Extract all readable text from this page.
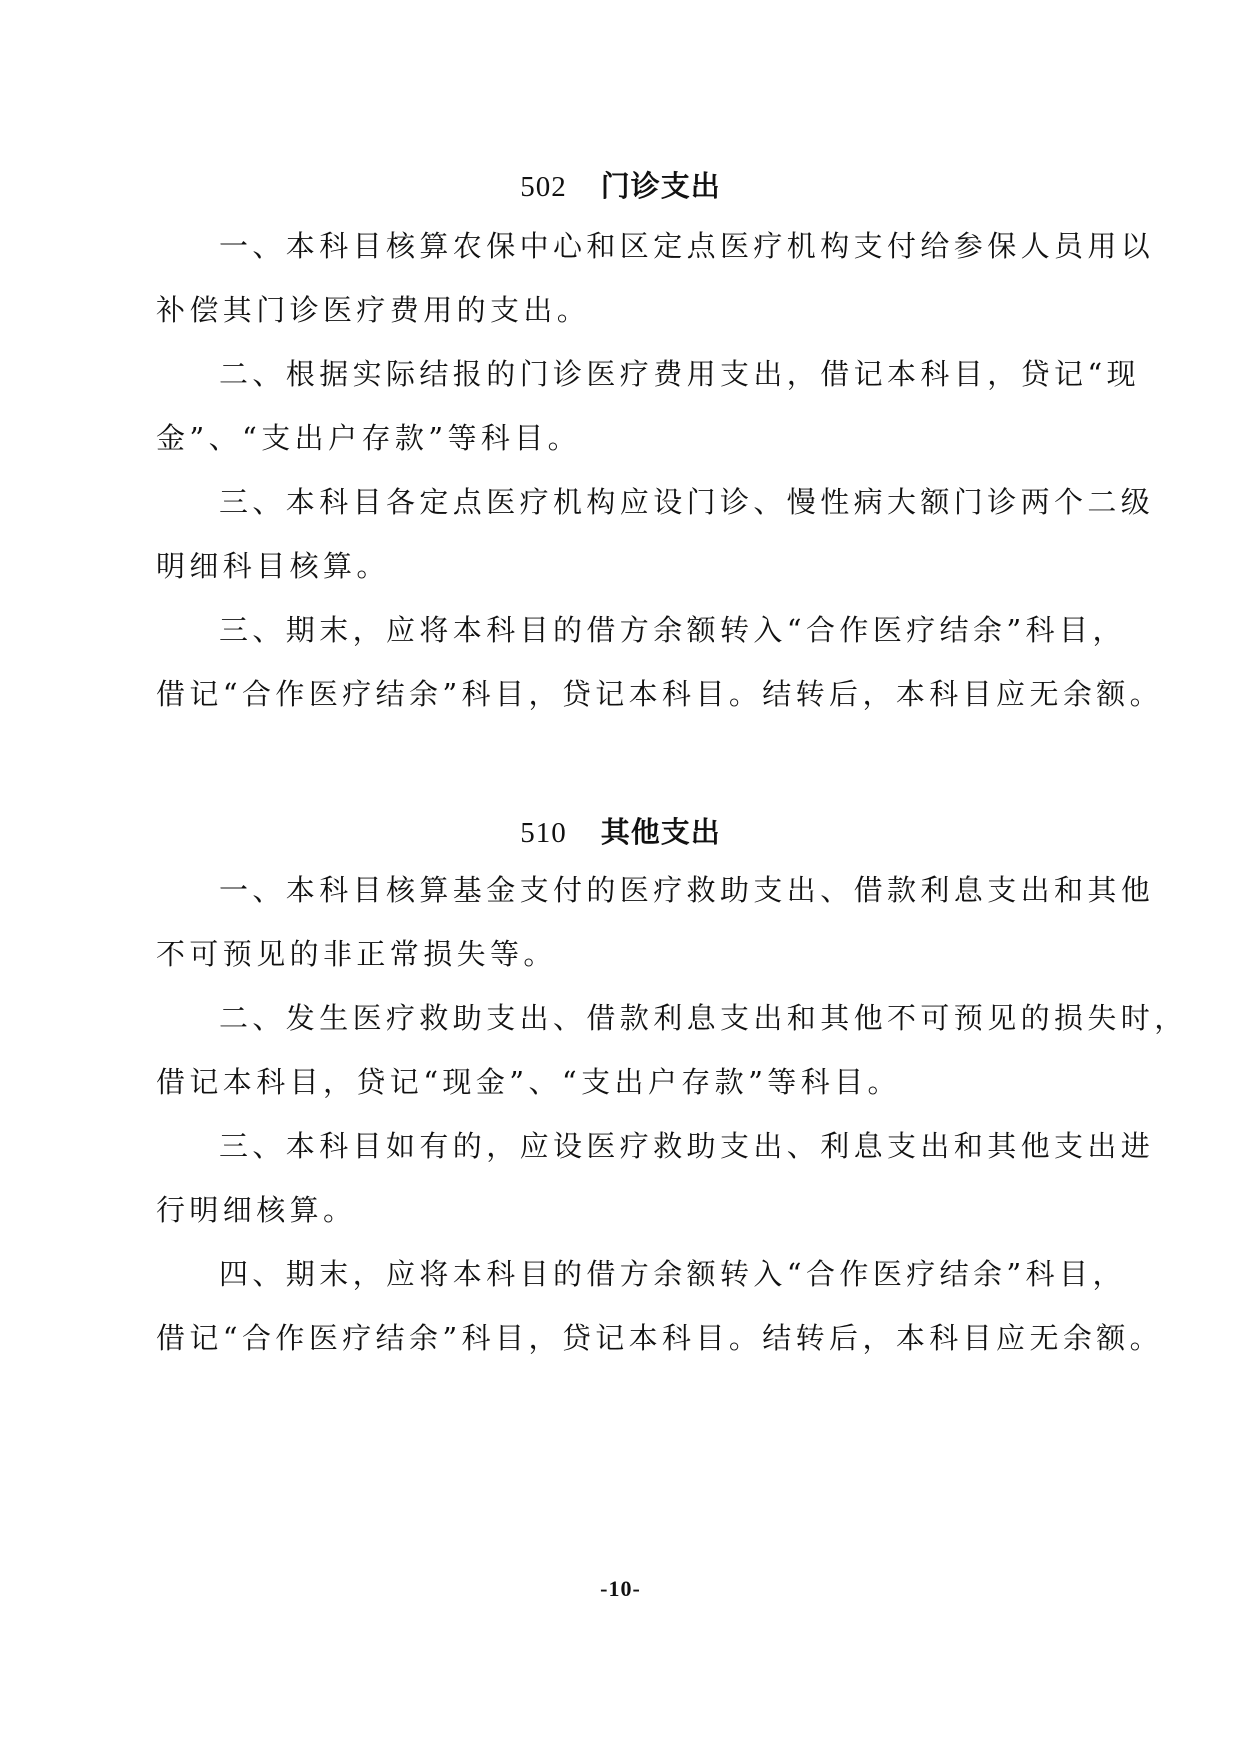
502 门诊支出
一、本科目核算农保中心和区定点医疗机构支付给参保人员用以
补偿其门诊医疗费用的支出。
二、根据实际结报的门诊医疗费用支出，借记本科目，贷记“现
金”、“支出户存款”等科目。
三、本科目各定点医疗机构应设门诊、慢性病大额门诊两个二级
明细科目核算。
三、期末，应将本科目的借方余额转入“合作医疗结余”科目，
借记“合作医疗结余”科目，贷记本科目。结转后，本科目应无余额。
510 其他支出
一、本科目核算基金支付的医疗救助支出、借款利息支出和其他
不可预见的非正常损失等。
二、发生医疗救助支出、借款利息支出和其他不可预见的损失时，
借记本科目，贷记“现金”、“支出户存款”等科目。
三、本科目如有的，应设医疗救助支出、利息支出和其他支出进
行明细核算。
四、期末，应将本科目的借方余额转入“合作医疗结余”科目，
借记“合作医疗结余”科目，贷记本科目。结转后，本科目应无余额。
-10-
